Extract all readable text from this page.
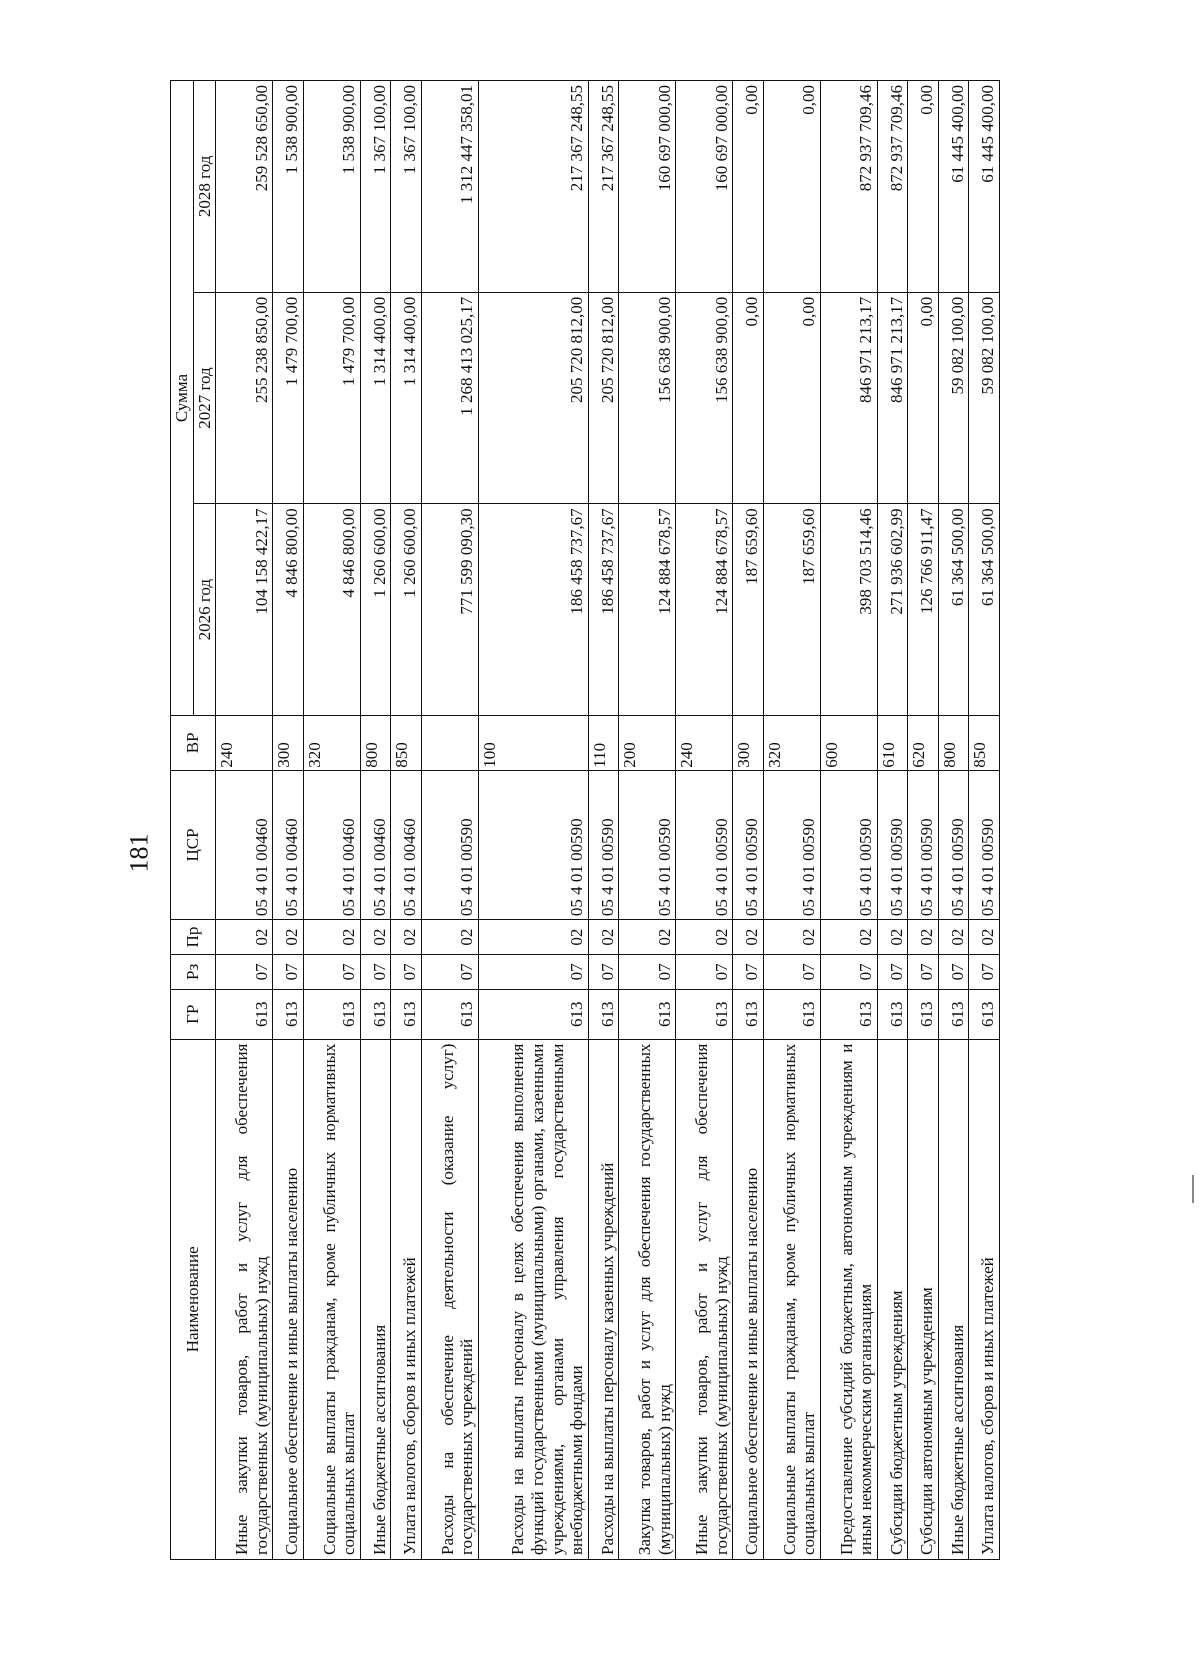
181
Наименование	ГР	Рз	Пр	ЦСР	ВР	Сумма		
						2026 год	2027 год	2028 год
Иные закупки товаров, работ и услуг для обеспечения государственных (муниципальных) нужд	613	07	02	05 4 01 00460	240	104 158 422,17	255 238 850,00	259 528 650,00
Социальное обеспечение и иные выплаты населению	613	07	02	05 4 01 00460	300	4 846 800,00	1 479 700,00	1 538 900,00
Социальные выплаты гражданам, кроме публичных нормативных социальных выплат	613	07	02	05 4 01 00460	320	4 846 800,00	1 479 700,00	1 538 900,00
Иные бюджетные ассигнования	613	07	02	05 4 01 00460	800	1 260 600,00	1 314 400,00	1 367 100,00
Уплата налогов, сборов и иных платежей	613	07	02	05 4 01 00460	850	1 260 600,00	1 314 400,00	1 367 100,00
Расходы на обеспечение деятельности (оказание услуг) государственных учреждений	613	07	02	05 4 01 00590		771 599 090,30	1 268 413 025,17	1 312 447 358,01
Расходы на выплаты персоналу в целях обеспечения выполнения функций государственными (муниципальными) органами, казенными учреждениями, органами управления государственными внебюджетными фондами	613	07	02	05 4 01 00590	100	186 458 737,67	205 720 812,00	217 367 248,55
Расходы на выплаты персоналу казенных учреждений	613	07	02	05 4 01 00590	110	186 458 737,67	205 720 812,00	217 367 248,55
Закупка товаров, работ и услуг для обеспечения государственных (муниципальных) нужд	613	07	02	05 4 01 00590	200	124 884 678,57	156 638 900,00	160 697 000,00
Иные закупки товаров, работ и услуг для обеспечения государственных (муниципальных) нужд	613	07	02	05 4 01 00590	240	124 884 678,57	156 638 900,00	160 697 000,00
Социальное обеспечение и иные выплаты населению	613	07	02	05 4 01 00590	300	187 659,60	0,00	0,00
Социальные выплаты гражданам, кроме публичных нормативных социальных выплат	613	07	02	05 4 01 00590	320	187 659,60	0,00	0,00
Предоставление субсидий бюджетным, автономным учреждениям и иным некоммерческим организациям	613	07	02	05 4 01 00590	600	398 703 514,46	846 971 213,17	872 937 709,46
Субсидии бюджетным учреждениям	613	07	02	05 4 01 00590	610	271 936 602,99	846 971 213,17	872 937 709,46
Субсидии автономным учреждениям	613	07	02	05 4 01 00590	620	126 766 911,47	0,00	0,00
Иные бюджетные ассигнования	613	07	02	05 4 01 00590	800	61 364 500,00	59 082 100,00	61 445 400,00
Уплата налогов, сборов и иных платежей	613	07	02	05 4 01 00590	850	61 364 500,00	59 082 100,00	61 445 400,00
